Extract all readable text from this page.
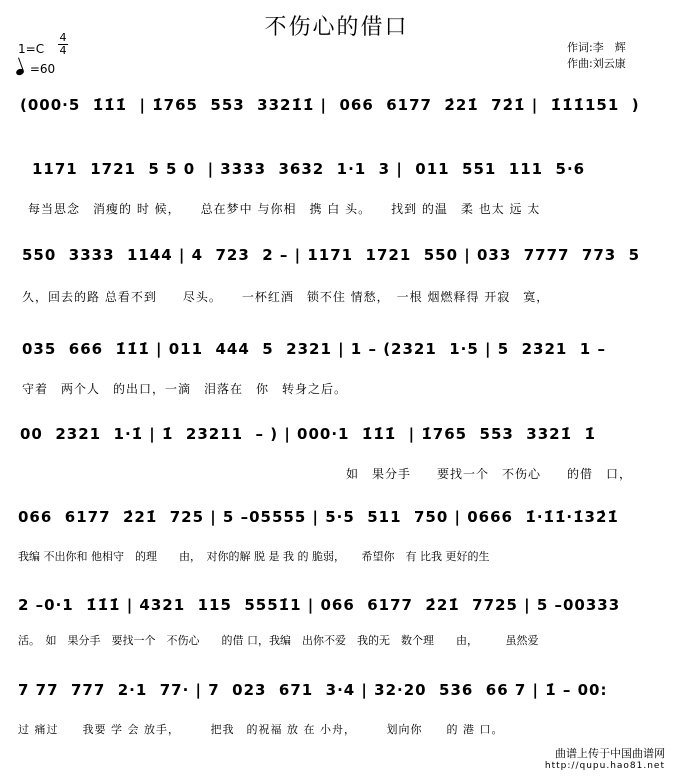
不伤心的借口
1=C
4
4
=60
作词:李　辉
作曲:刘云康
(000·5  1̇1̇1̇  | 1̇765  553  3321̇1̇ |  066  6177  2̇21̇  72̇1̇ |  1̇1̇1̇151  )
1171  1721  5 5 0  | 3333  3632  1·1  3 |  011  551  111  5·6
每当思念　消瘦的 时 候，　　总在梦中 与你相　携 白 头。　　找到 的温　柔 也太 远 太
550  3333  1144 | 4  723  2 – | 1171  1721  550 | 033  7777  773  5
久，回去的路 总看不到　　尽头。　　一杯红酒　锁不住 情愁，　一根 烟燃释得 开寂　寞，
035  666  1̇1̇1̇ | 011  444  5  2321 | 1 – (2321  1·5 | 5  2321  1 –
守着　两个人　的出口，一滴　泪落在　你　转身之后。
00  2321  1·1̇ | 1̇  23211  – ) | 000·1  1̇1̇1̇  | 1̇765  553  3321̇  1̇
如　果分手　　要找一个　不伤心　　的借　口，
066  6177  2̇21̇  725 | 5 –05555 | 5·5  511  750 | 0666  1̇·1̇1̇·1̇32̇1̇
我编 不出你和 他相守　的理　　由，　对你的解 脱 是 我 的 脆弱，　　希望你　有 比我 更好的生
2 –0·1  1̇1̇1̇ | 4321  115  5551̇1 | 066  6177  2̇21̇  7725 | 5 –00333
活。　如　果分手　要找一个　不伤心　　的借 口，我编　出你不爱　我的无　数个理　　由，　　　虽然爱
7 77  777  2·1  77· | 7  023  671  3·4 | 32·20  536  66 7 | 1̇ – 00:
过 痛过　　我要 学 会 放手，　　　把我　的祝福 放 在 小舟，　　　划向你　　的 港 口。
曲谱上传于中国曲谱网
http://qupu.hao81.net
